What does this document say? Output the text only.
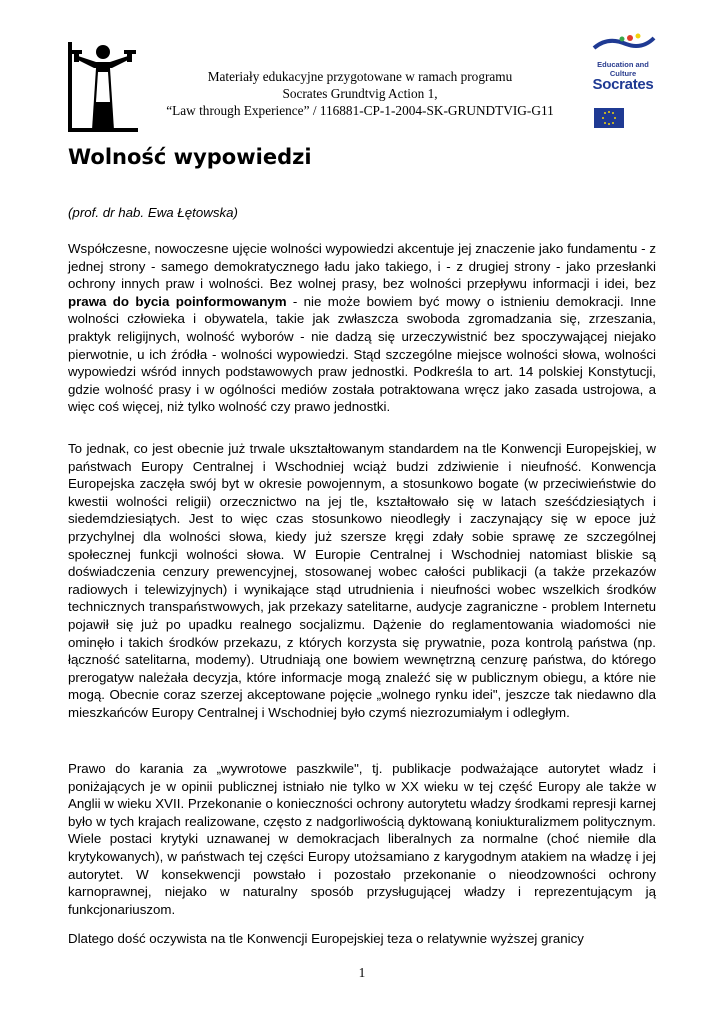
Materiały edukacyjne przygotowane w ramach programu
Socrates Grundtvig Action 1,
“Law through Experience” / 116881-CP-1-2004-SK-GRUNDTVIG-G11
Education and Culture
Socrates
Wolność wypowiedzi
(prof. dr hab. Ewa Łętowska)
Współczesne, nowoczesne ujęcie wolności wypowiedzi akcentuje jej znaczenie jako fundamentu - z jednej strony - samego demokratycznego ładu jako takiego, i - z drugiej strony - jako przesłanki ochrony innych praw i wolności. Bez wolnej prasy, bez wolności przepływu informacji i idei, bez prawa do bycia poinformowanym - nie może bowiem być mowy o istnieniu demokracji. Inne wolności człowieka i obywatela, takie jak zwłaszcza swoboda zgromadzania się, zrzeszania, praktyk religijnych, wolność wyborów - nie dadzą się urzeczywistnić bez spoczywającej niejako pierwotnie, u ich źródła - wolności wypowiedzi. Stąd szczególne miejsce wolności słowa, wolności wypowiedzi wśród innych podstawowych praw jednostki. Podkreśla to art. 14 polskiej Konstytucji, gdzie wolność prasy i w ogólności mediów została potraktowana wręcz jako zasada ustrojowa, a więc coś więcej, niż tylko wolność czy prawo jednostki.
To jednak, co jest obecnie już trwale ukształtowanym standardem na tle Konwencji Europejskiej, w państwach Europy Centralnej i Wschodniej wciąż budzi zdziwienie i nieufność. Konwencja Europejska zaczęła swój byt w okresie powojennym, a stosunkowo bogate (w przeciwieństwie do kwestii wolności religii) orzecznictwo na jej tle, kształtowało się w latach sześćdziesiątych i siedemdziesiątych. Jest to więc czas stosunkowo nieodległy i zaczynający się w epoce już przychylnej dla wolności słowa, kiedy już szersze kręgi zdały sobie sprawę ze szczególnej społecznej funkcji wolności słowa. W Europie Centralnej i Wschodniej natomiast bliskie są doświadczenia cenzury prewencyjnej, stosowanej wobec całości publikacji (a także przekazów radiowych i telewizyjnych) i wynikające stąd utrudnienia i nieufności wobec wszelkich środków technicznych transpańsτwowych, jak przekazy satelitarne, audycje zagraniczne - problem Internetu pojawił się już po upadku realnego socjalizmu. Dążenie do reglamentowania wiadomości nie ominęło i takich środków przekazu, z których korzysta się prywatnie, poza kontrolą państwa (np. łączność satelitarna, modemy). Utrudniają one bowiem wewnętrzną cenzurę państwa, do którego prerogatyw należała decyzja, które informacje mogą znaleźć się w publicznym obiegu, a które nie mogą. Obecnie coraz szerzej akceptowane pojęcie „wolnego rynku idei", jeszcze tak niedawno dla mieszkańców Europy Centralnej i Wschodniej było czymś niezrozumiałym i odległym.
Prawo do karania za „wywrotowe paszkwile", tj. publikacje podważające autorytet władz i poniżających je w opinii publicznej istniało nie tylko w XX wieku w tej część Europy ale także w Anglii w wieku XVII. Przekonanie o konieczności ochrony autorytetu władzy środkami represji karnej było w tych krajach realizowane, często z nadgorliwością dyktowaną koniukturalizmem politycznym. Wiele postaci krytyki uznawanej w demokracjach liberalnych za normalne (choć niemiłe dla krytykowanych), w państwach tej części Europy utożsamiano z karygodnym atakiem na władzę i jej autorytet. W konsekwencji powstało i pozostało przekonanie o nieodzowności ochrony karnoprawnej, niejako w naturalny sposób przysługującej władzy i reprezentującym ją funkcjonariuszom.
Dlatego dość oczywista na tle Konwencji Europejskiej teza o relatywnie wyższej granicy
1
